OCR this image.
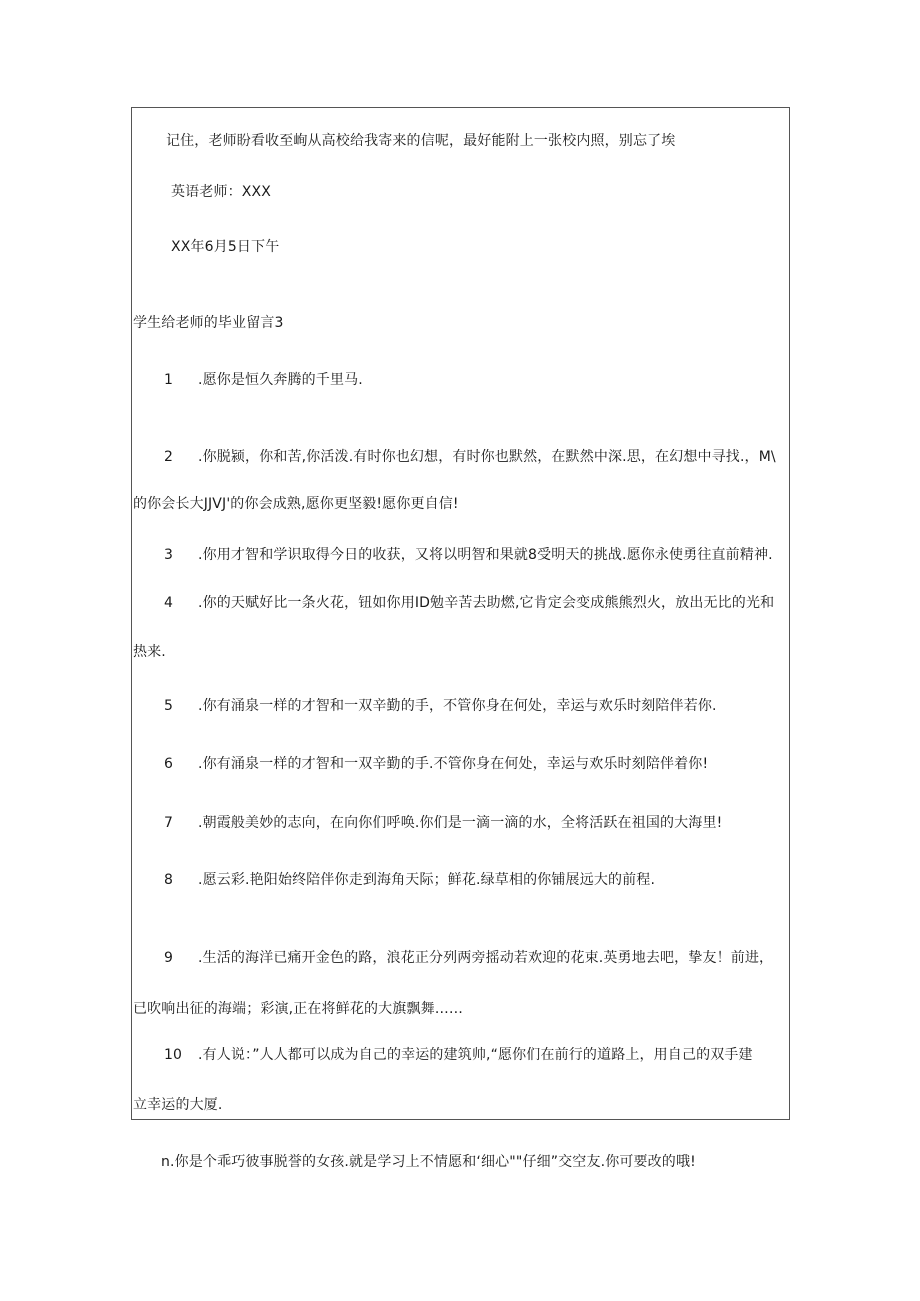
记住，老师盼看收至峋从高校给我寄来的信呢，最好能附上一张校内照，别忘了埃
英语老师：XXX
XX年6月5日下午
学生给老师的毕业留言3
1 .愿你是恒久奔腾的千里马.
2 .你脱颍，你和苦,你活泼.有时你也幻想，有时你也默然，在默然中深.思，在幻想中寻找.，M\
的你会长大JJVJ'的你会成熟,愿你更坚毅!愿你更自信!
3 .你用才智和学识取得今日的收获，又将以明智和果就8受明天的挑战.愿你永使勇往直前精神.
4 .你的天赋好比一条火花，钮如你用ID勉辛苦去助燃,它肯定会变成熊熊烈火，放出无比的光和
热来.
5 .你有涌泉一样的才智和一双辛勤的手，不管你身在何处，幸运与欢乐时刻陪伴若你.
6 .你有涌泉一样的才智和一双辛勤的手.不管你身在何处，幸运与欢乐时刻陪伴着你!
7 .朝霞般美妙的志向，在向你们呼唤.你们是一滴一滴的水，全将活跃在祖国的大海里!
8 .愿云彩.艳阳始终陪伴你走到海角天际；鲜花.绿草相的你铺展远大的前程.
9 .生活的海洋已痛开金色的路，浪花正分列两旁摇动若欢迎的花束.英勇地去吧，挚友！前进，
已吹响出征的海端；彩演,正在将鲜花的大旗飘舞……
10 .有人说：”人人都可以成为自己的幸运的建筑帅,“愿你们在前行的道路上，用自己的双手建
立幸运的大厦.
n.你是个乖巧彼事脱誉的女孩.就是学习上不情愿和‘细心""仔细”交空友.你可要改的哦!
